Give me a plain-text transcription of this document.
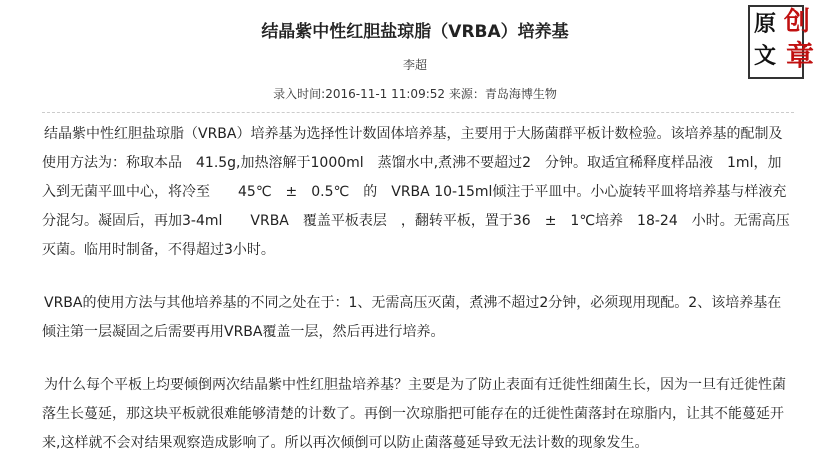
结晶紫中性红胆盐琼脂（VRBA）培养基
李超
录入时间:2016-11-1 11:09:52 来源：青岛海博生物

结晶紫中性红胆盐琼脂（VRBA）培养基为选择性计数固体培养基，主要用于大肠菌群平板计数检验。该培养基的配制及使用方法为：称取本品　41.5g,加热溶解于1000ml　蒸馏水中,煮沸不要超过2　分钟。取适宜稀释度样品液　1ml，加入到无菌平皿中心，将冷至　　45℃　±　0.5℃　的　VRBA 10-15ml倾注于平皿中。小心旋转平皿将培养基与样液充分混匀。凝固后，再加3-4ml　　VRBA　覆盖平板表层　，翻转平板，置于36　±　1℃培养　18-24　小时。无需高压灭菌。临用时制备，不得超过3小时。

VRBA的使用方法与其他培养基的不同之处在于：1、无需高压灭菌，煮沸不超过2分钟，必须现用现配。2、该培养基在倾注第一层凝固之后需要再用VRBA覆盖一层，然后再进行培养。

为什么每个平板上均要倾倒两次结晶紫中性红胆盐培养基？主要是为了防止表面有迁徙性细菌生长，因为一旦有迁徙性菌落生长蔓延，那这块平板就很难能够清楚的计数了。再倒一次琼脂把可能存在的迁徙性菌落封在琼脂内，让其不能蔓延开来,这样就不会对结果观察造成影响了。所以再次倾倒可以防止菌落蔓延导致无法计数的现象发生。

原
文
创
章
